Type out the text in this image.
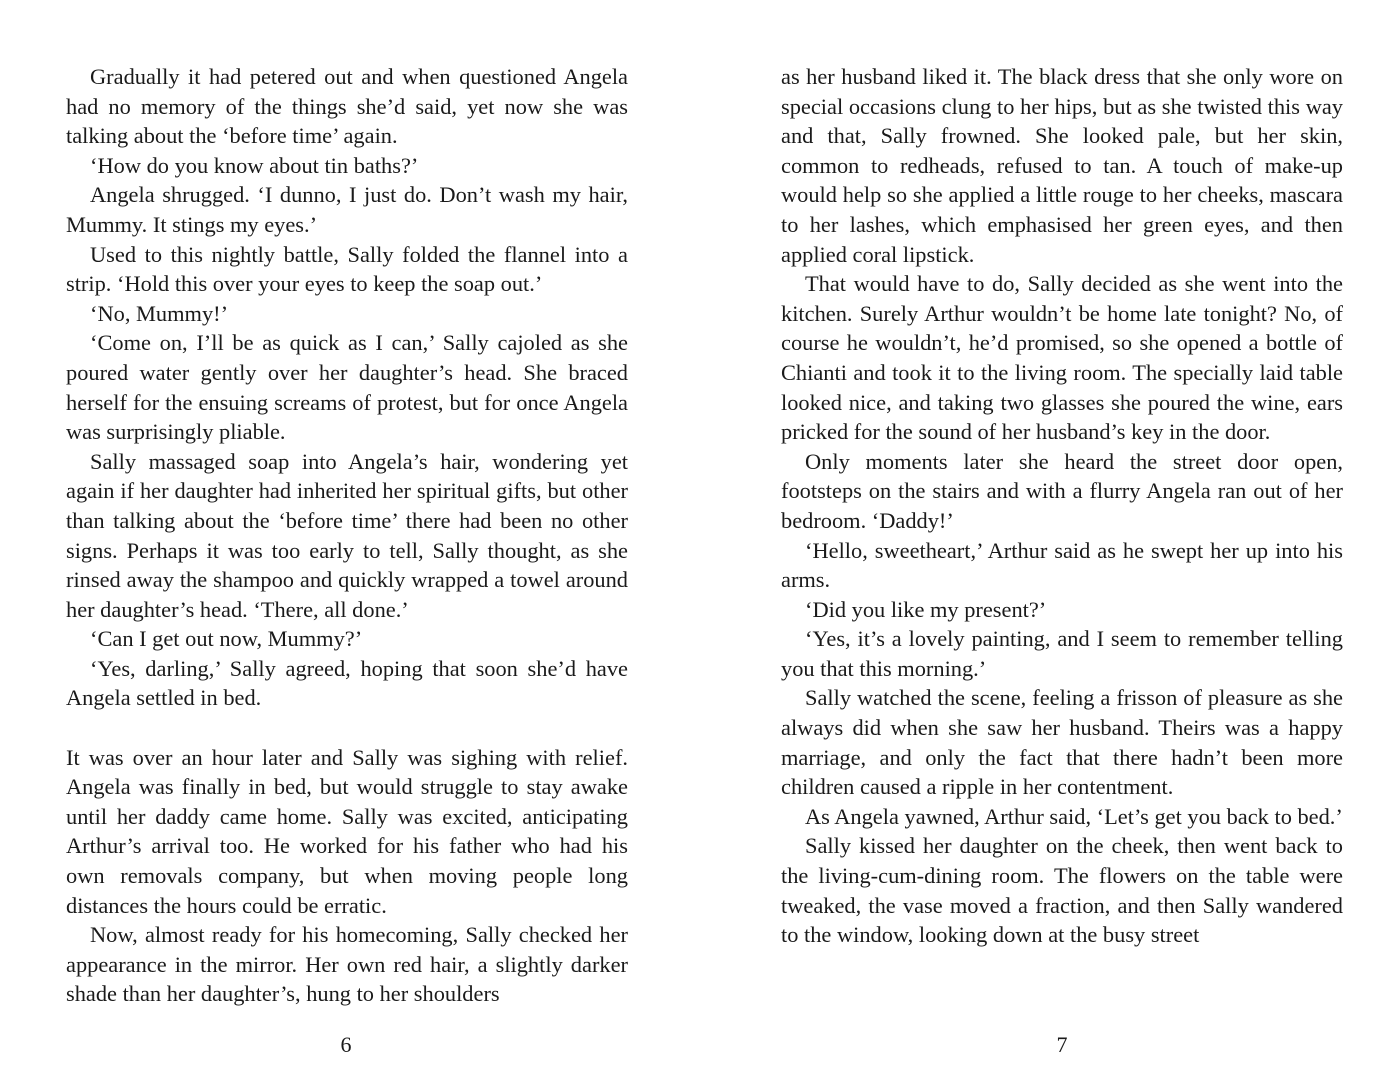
Gradually it had petered out and when questioned Angela had no memory of the things she’d said, yet now she was talking about the ‘before time’ again.

‘How do you know about tin baths?’

Angela shrugged. ‘I dunno, I just do. Don’t wash my hair, Mummy. It stings my eyes.’

Used to this nightly battle, Sally folded the flannel into a strip. ‘Hold this over your eyes to keep the soap out.’

‘No, Mummy!’

‘Come on, I’ll be as quick as I can,’ Sally cajoled as she poured water gently over her daughter’s head. She braced herself for the ensuing screams of protest, but for once Angela was surprisingly pliable.

Sally massaged soap into Angela’s hair, wondering yet again if her daughter had inherited her spiritual gifts, but other than talking about the ‘before time’ there had been no other signs. Perhaps it was too early to tell, Sally thought, as she rinsed away the shampoo and quickly wrapped a towel around her daughter’s head. ‘There, all done.’

‘Can I get out now, Mummy?’

‘Yes, darling,’ Sally agreed, hoping that soon she’d have Angela settled in bed.

It was over an hour later and Sally was sighing with relief. Angela was finally in bed, but would struggle to stay awake until her daddy came home. Sally was excited, anticipating Arthur’s arrival too. He worked for his father who had his own removals company, but when moving people long distances the hours could be erratic.

Now, almost ready for his homecoming, Sally checked her appearance in the mirror. Her own red hair, a slightly darker shade than her daughter’s, hung to her shoulders

as her husband liked it. The black dress that she only wore on special occasions clung to her hips, but as she twisted this way and that, Sally frowned. She looked pale, but her skin, common to redheads, refused to tan. A touch of make-up would help so she applied a little rouge to her cheeks, mascara to her lashes, which emphasised her green eyes, and then applied coral lipstick.

That would have to do, Sally decided as she went into the kitchen. Surely Arthur wouldn’t be home late tonight? No, of course he wouldn’t, he’d promised, so she opened a bottle of Chianti and took it to the living room. The specially laid table looked nice, and taking two glasses she poured the wine, ears pricked for the sound of her husband’s key in the door.

Only moments later she heard the street door open, footsteps on the stairs and with a flurry Angela ran out of her bedroom. ‘Daddy!’

‘Hello, sweetheart,’ Arthur said as he swept her up into his arms.

‘Did you like my present?’

‘Yes, it’s a lovely painting, and I seem to remember telling you that this morning.’

Sally watched the scene, feeling a frisson of pleasure as she always did when she saw her husband. Theirs was a happy marriage, and only the fact that there hadn’t been more children caused a ripple in her contentment.

As Angela yawned, Arthur said, ‘Let’s get you back to bed.’

Sally kissed her daughter on the cheek, then went back to the living-cum-dining room. The flowers on the table were tweaked, the vase moved a fraction, and then Sally wandered to the window, looking down at the busy street

6	7
